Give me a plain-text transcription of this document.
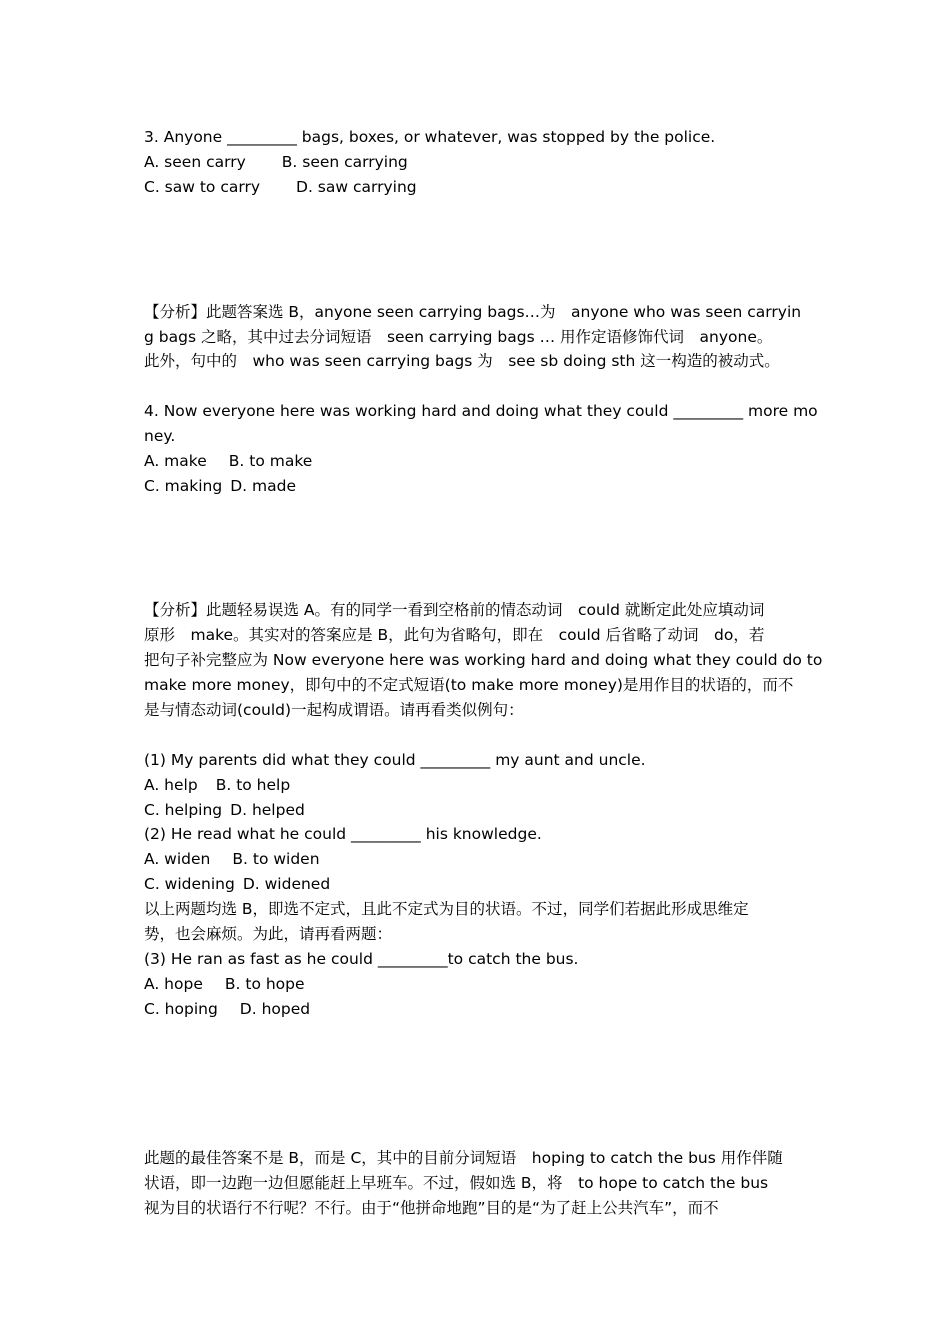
3. Anyone _________ bags, boxes, or whatever, was stopped by the police.
A. seen carry B. seen carrying
C. saw to carry D. saw carrying
【分析】此题答案选 B，anyone seen carrying bags…为　anyone who was seen carryin
g bags 之略，其中过去分词短语　seen carrying bags … 用作定语修饰代词　anyone。
此外，句中的　who was seen carrying bags 为　see sb doing sth 这一构造的被动式。
4. Now everyone here was working hard and doing what they could _________ more mo
ney.
A. make B. to make
C. making D. made
【分析】此题轻易误选 A。有的同学一看到空格前的情态动词　could 就断定此处应填动词
原形　make。其实对的答案应是 B，此句为省略句，即在　could 后省略了动词　do，若
把句子补完整应为 Now everyone here was working hard and doing what they could do to
make more money，即句中的不定式短语(to make more money)是用作目的状语的，而不
是与情态动词(could)一起构成谓语。请再看类似例句：
(1) My parents did what they could _________ my aunt and uncle.
A. help B. to help
C. helping D. helped
(2) He read what he could _________ his knowledge.
A. widen B. to widen
C. widening D. widened
以上两题均选 B，即选不定式，且此不定式为目的状语。不过，同学们若据此形成思维定
势，也会麻烦。为此，请再看两题：
(3) He ran as fast as he could _________to catch the bus.
A. hope B. to hope
C. hoping D. hoped
此题的最佳答案不是 B，而是 C，其中的目前分词短语　hoping to catch the bus 用作伴随
状语，即一边跑一边但愿能赶上早班车。不过，假如选 B，将　to hope to catch the bus
视为目的状语行不行呢？不行。由于“他拼命地跑”目的是“为了赶上公共汽车”，而不
